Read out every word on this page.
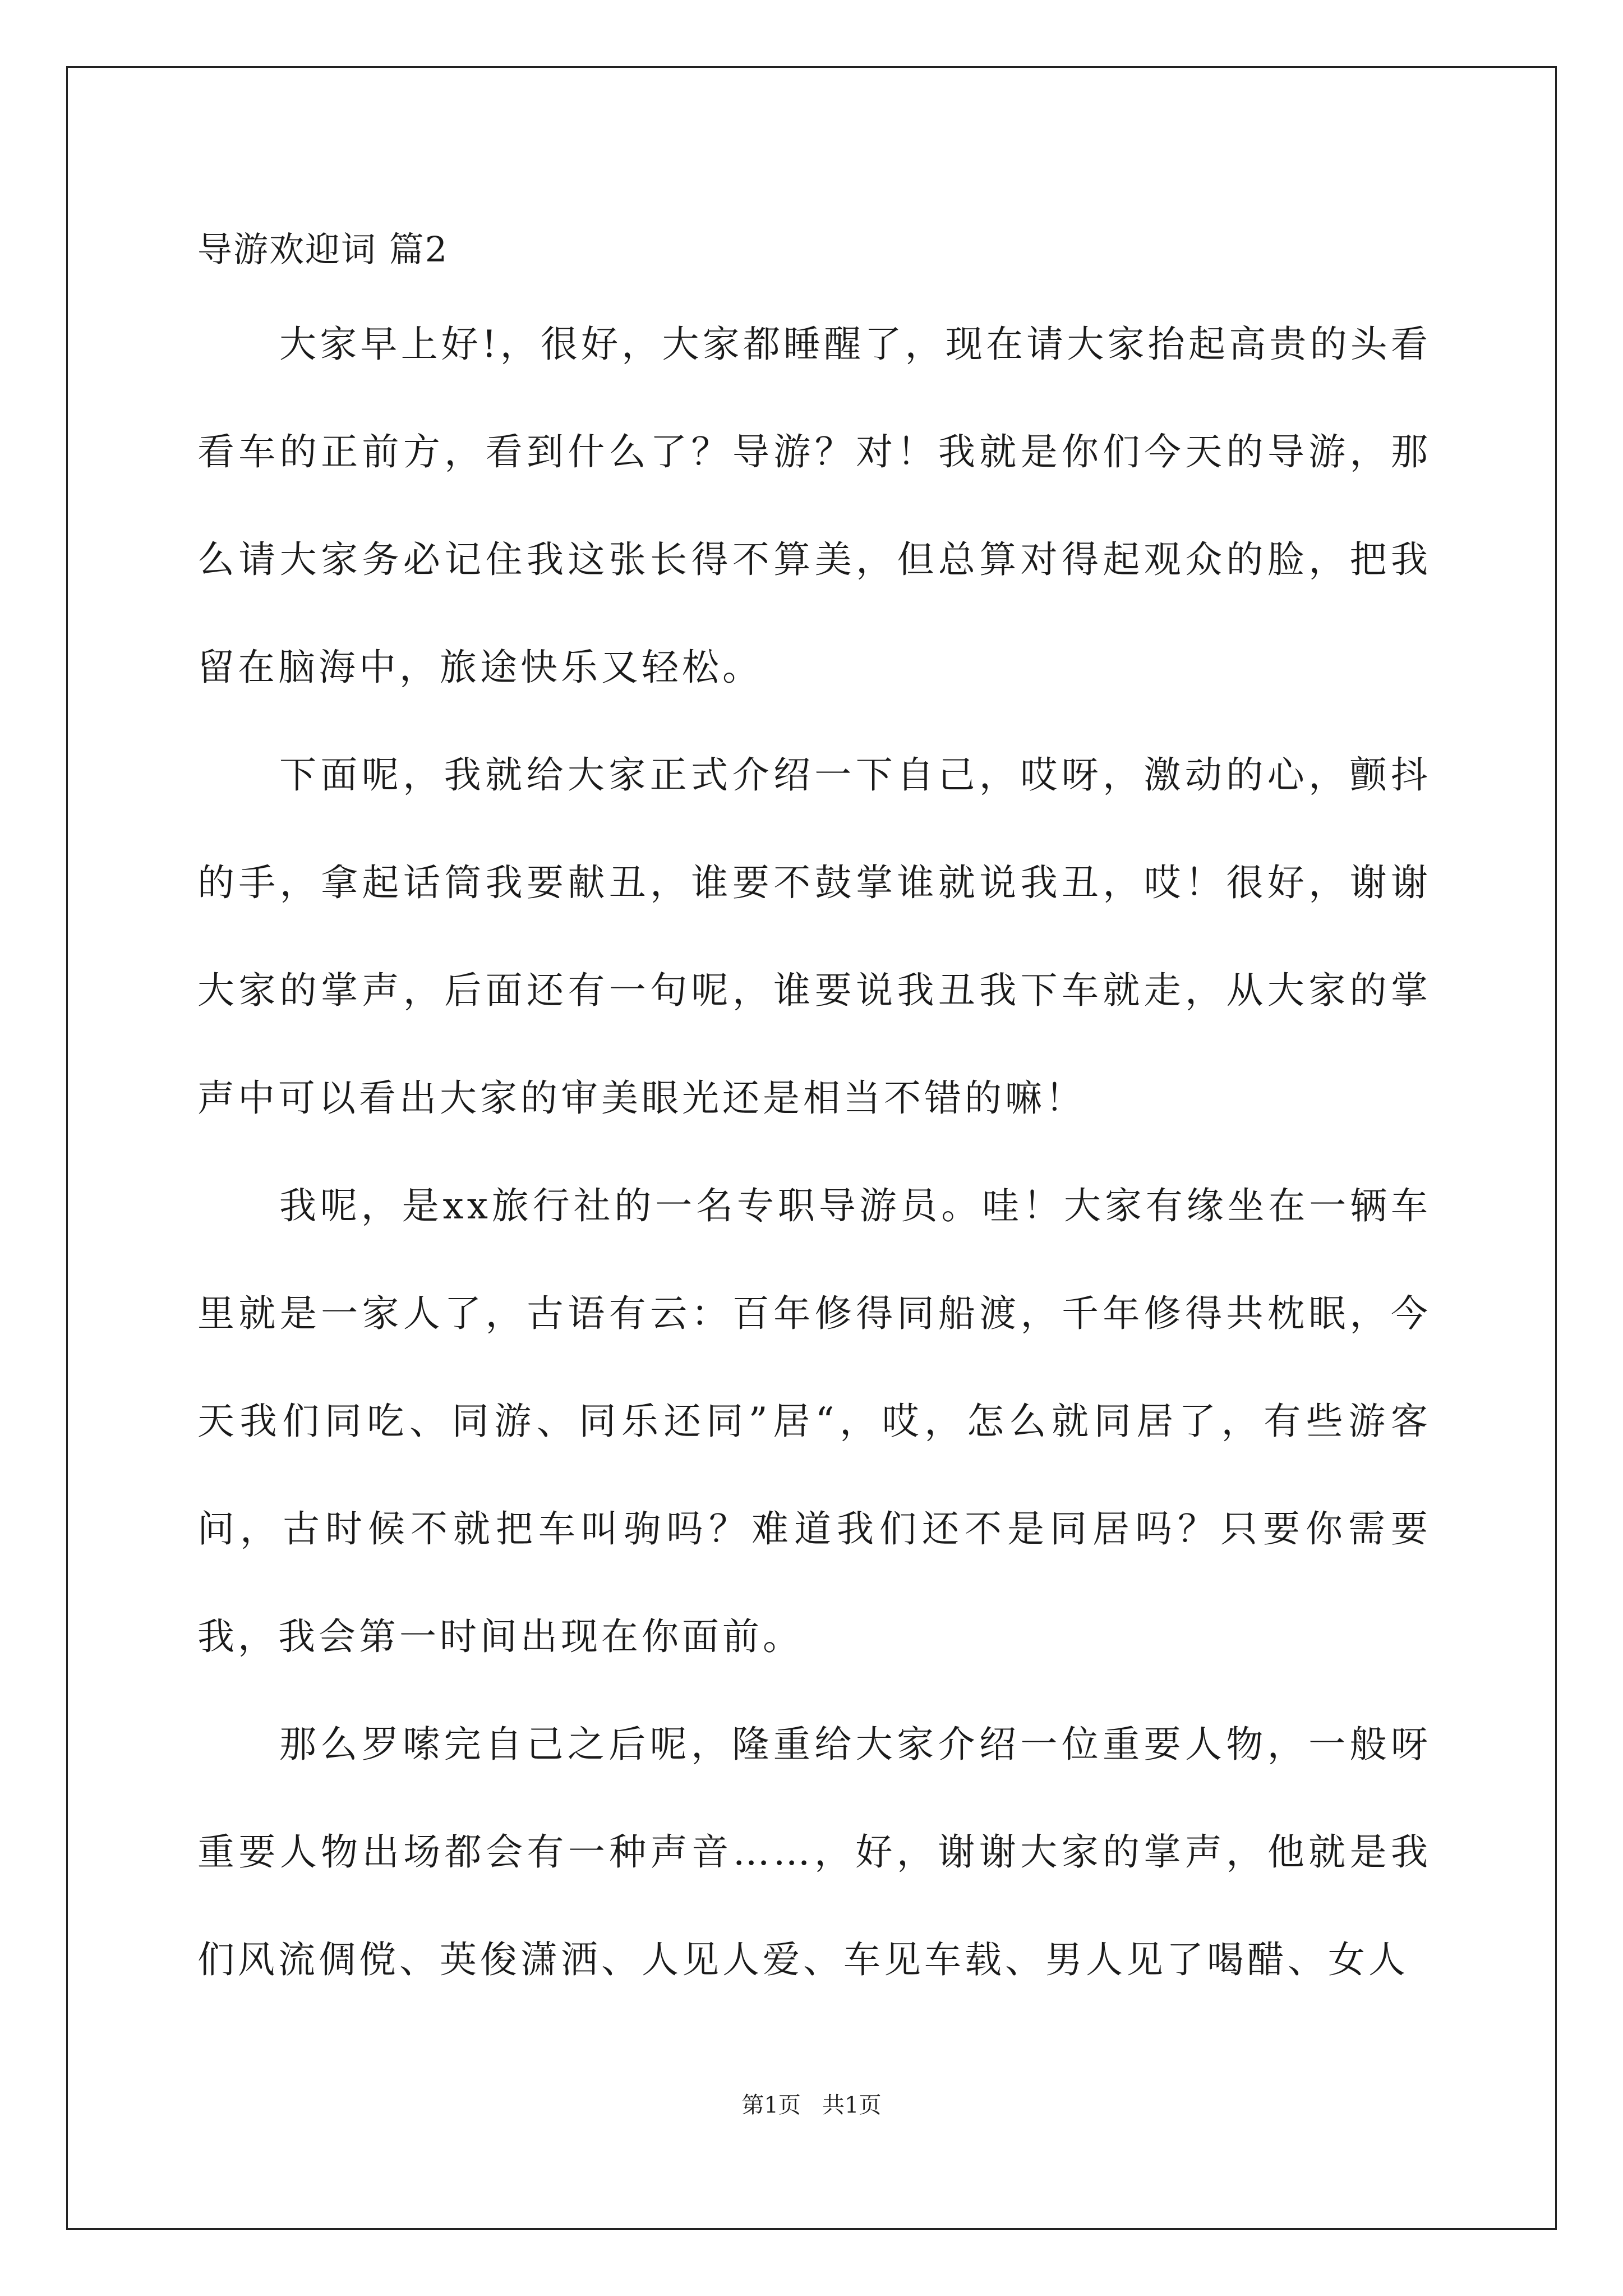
导游欢迎词 篇2

大家早上好!，很好，大家都睡醒了，现在请大家抬起高贵的头看看车的正前方，看到什么了？导游？对！我就是你们今天的导游，那么请大家务必记住我这张长得不算美，但总算对得起观众的脸，把我留在脑海中，旅途快乐又轻松。

下面呢，我就给大家正式介绍一下自己，哎呀，激动的心，颤抖的手，拿起话筒我要献丑，谁要不鼓掌谁就说我丑，哎！很好，谢谢大家的掌声，后面还有一句呢，谁要说我丑我下车就走，从大家的掌声中可以看出大家的审美眼光还是相当不错的嘛！

我呢，是xx旅行社的一名专职导游员。哇！大家有缘坐在一辆车里就是一家人了，古语有云：百年修得同船渡，千年修得共枕眠，今天我们同吃、同游、同乐还同”居“，哎，怎么就同居了，有些游客问，古时候不就把车叫驹吗？难道我们还不是同居吗？只要你需要我，我会第一时间出现在你面前。

那么罗嗦完自己之后呢，隆重给大家介绍一位重要人物，一般呀重要人物出场都会有一种声音……，好，谢谢大家的掌声，他就是我们风流倜傥、英俊潇洒、人见人爱、车见车载、男人见了喝醋、女人

第1页   共1页
